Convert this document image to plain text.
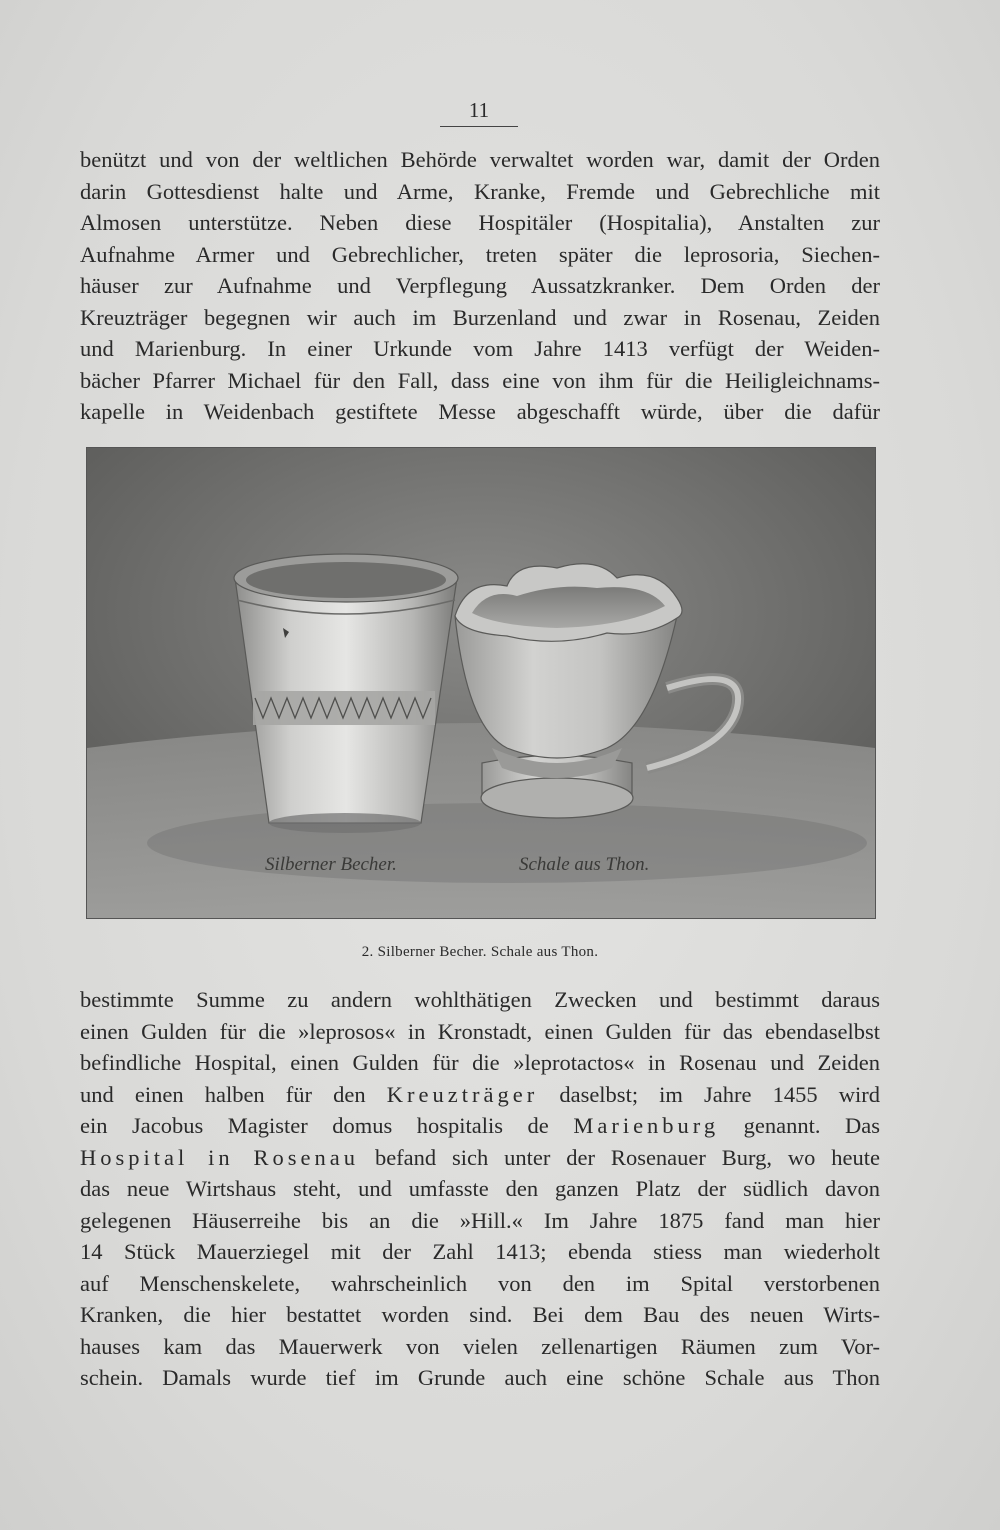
11
benützt und von der weltlichen Behörde verwaltet worden war, damit der Orden
darin Gottesdienst halte und Arme, Kranke, Fremde und Gebrechliche mit
Almosen unterstütze. Neben diese Hospitäler (Hospitalia), Anstalten zur
Aufnahme Armer und Gebrechlicher, treten später die leprosoria, Siechen-
häuser zur Aufnahme und Verpflegung Aussatzkranker. Dem Orden der
Kreuzträger begegnen wir auch im Burzenland und zwar in Rosenau, Zeiden
und Marienburg. In einer Urkunde vom Jahre 1413 verfügt der Weiden-
bächer Pfarrer Michael für den Fall, dass eine von ihm für die Heiligleichnams-
kapelle in Weidenbach gestiftete Messe abgeschafft würde, über die dafür
Silberner Becher.	Schale aus Thon.
2. Silberner Becher. Schale aus Thon.
bestimmte Summe zu andern wohlthätigen Zwecken und bestimmt daraus
einen Gulden für die »leprosos« in Kronstadt, einen Gulden für das ebendaselbst
befindliche Hospital, einen Gulden für die »leprotactos« in Rosenau und Zeiden
und einen halben für den Kreuzträger daselbst; im Jahre 1455 wird
ein Jacobus Magister domus hospitalis de Marienburg genannt. Das
Hospital in Rosenau befand sich unter der Rosenauer Burg, wo heute
das neue Wirtshaus steht, und umfasste den ganzen Platz der südlich davon
gelegenen Häuserreihe bis an die »Hill.« Im Jahre 1875 fand man hier
14 Stück Mauerziegel mit der Zahl 1413; ebenda stiess man wiederholt
auf Menschenskelete, wahrscheinlich von den im Spital verstorbenen
Kranken, die hier bestattet worden sind. Bei dem Bau des neuen Wirts-
hauses kam das Mauerwerk von vielen zellenartigen Räumen zum Vor-
schein. Damals wurde tief im Grunde auch eine schöne Schale aus Thon
